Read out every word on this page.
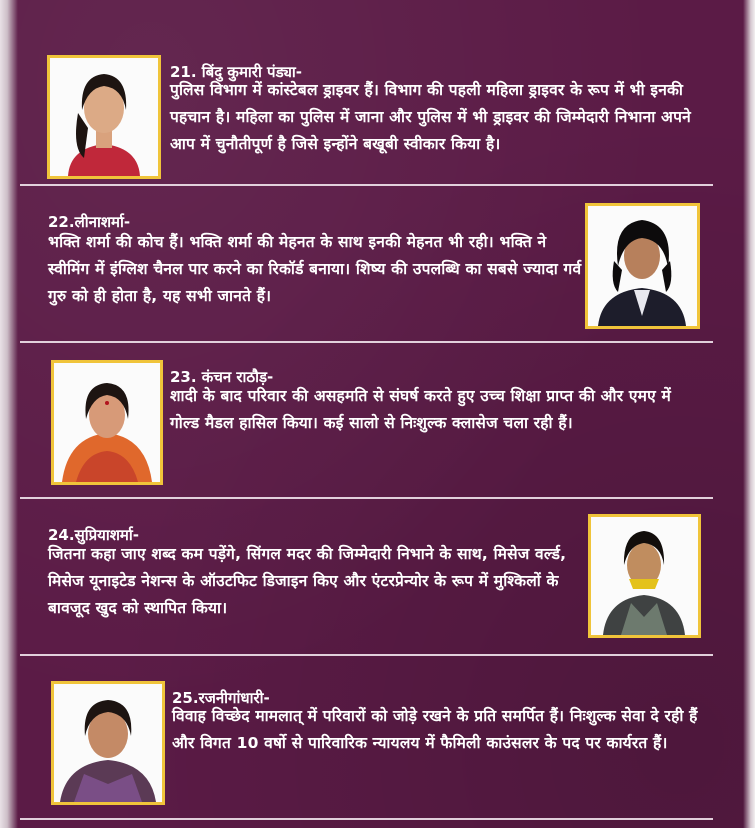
21. बिंदु कुमारी पंड्या-
पुलिस विभाग में कांस्टेबल ड्राइवर हैं। विभाग की पहली महिला ड्राइवर के रूप में भी इनकी पहचान है। महिला का पुलिस में जाना और पुलिस में भी ड्राइवर की जिम्मेदारी निभाना अपने आप में चुनौतीपूर्ण है जिसे इन्होंने बखूबी स्वीकार किया है।
22.लीनाशर्मा-
भक्ति शर्मा की कोच हैं। भक्ति शर्मा की मेहनत के साथ इनकी मेहनत भी रही। भक्ति ने स्वीमिंग में इंग्लिश चैनल पार करने का रिकॉर्ड बनाया। शिष्य की उपलब्धि का सबसे ज्यादा गर्व गुरु को ही होता है, यह सभी जानते हैं।
23. कंचन राठौड़-
शादी के बाद परिवार की असहमति से संघर्ष करते हुए उच्च शिक्षा प्राप्त की और एमए में गोल्ड मैडल हासिल किया। कई सालो से निःशुल्क क्लासेज चला रही हैं।
24.सुप्रियाशर्मा-
जितना कहा जाए शब्द कम पड़ेंगे, सिंगल मदर की जिम्मेदारी निभाने के साथ, मिसेज वर्ल्ड, मिसेज यूनाइटेड नेशन्स के ऑउटफिट डिजाइन किए और एंटरप्रेन्योर के रूप में मुश्किलों के बावजूद खुद को स्थापित किया।
25.रजनीगांधारी-
विवाह विच्छेद मामलात् में परिवारों को जोड़े रखने के प्रति समर्पित हैं। निःशुल्क सेवा दे रही हैं और विगत 10 वर्षो से पारिवारिक न्यायलय में फैमिली काउंसलर के पद पर कार्यरत हैं।
